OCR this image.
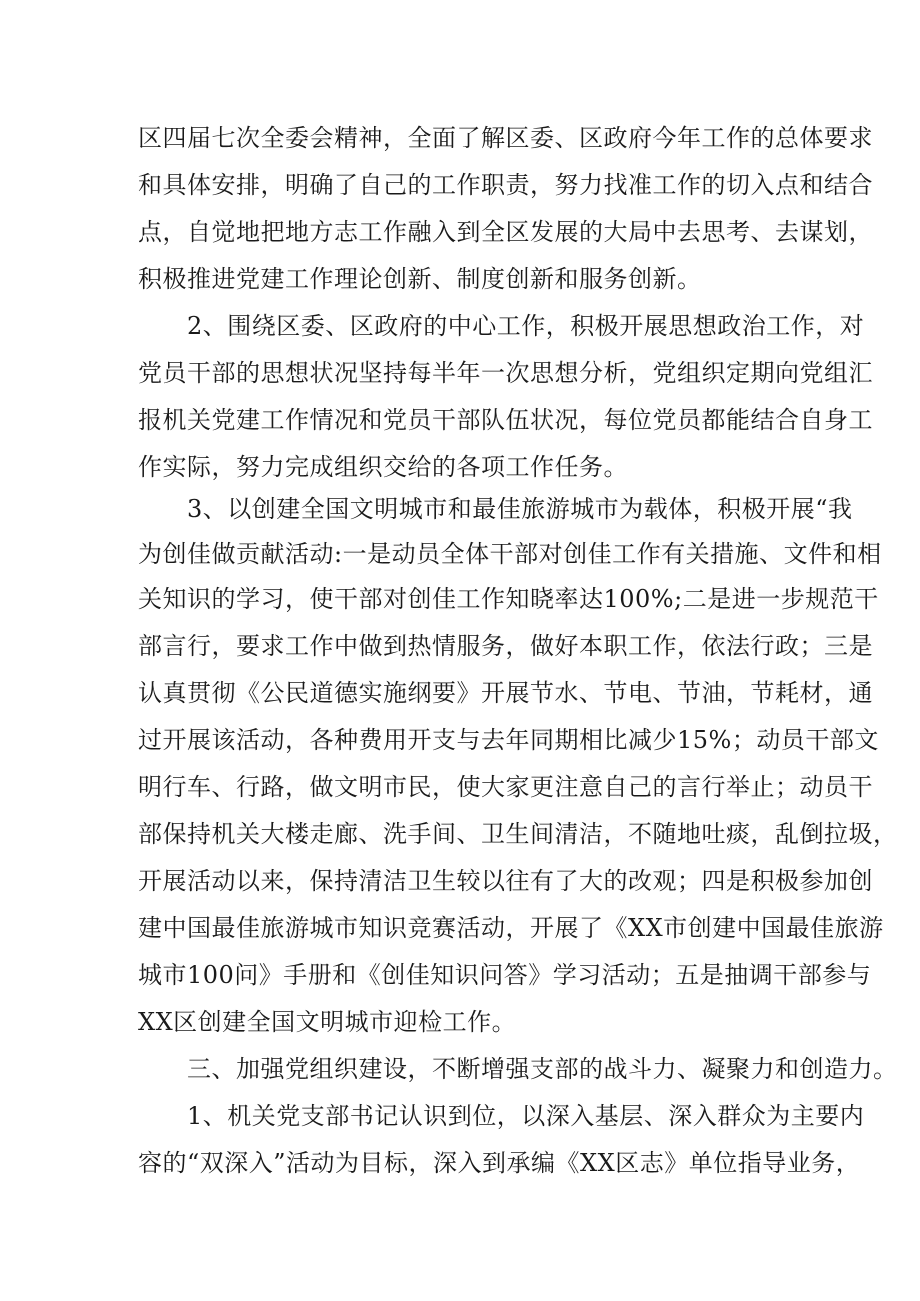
区四届七次全委会精神，全面了解区委、区政府今年工作的总体要求
和具体安排，明确了自己的工作职责，努力找准工作的切入点和结合
点，自觉地把地方志工作融入到全区发展的大局中去思考、去谋划，
积极推进党建工作理论创新、制度创新和服务创新。
2、围绕区委、区政府的中心工作，积极开展思想政治工作，对
党员干部的思想状况坚持每半年一次思想分析，党组织定期向党组汇
报机关党建工作情况和党员干部队伍状况，每位党员都能结合自身工
作实际，努力完成组织交给的各项工作任务。
3、以创建全国文明城市和最佳旅游城市为载体，积极开展“我
为创佳做贡献活动:一是动员全体干部对创佳工作有关措施、文件和相
关知识的学习，使干部对创佳工作知晓率达100%;二是进一步规范干
部言行，要求工作中做到热情服务，做好本职工作，依法行政；三是
认真贯彻《公民道德实施纲要》开展节水、节电、节油，节耗材，通
过开展该活动，各种费用开支与去年同期相比减少15%；动员干部文
明行车、行路，做文明市民，使大家更注意自己的言行举止；动员干
部保持机关大楼走廊、洗手间、卫生间清洁，不随地吐痰，乱倒拉圾，
开展活动以来，保持清洁卫生较以往有了大的改观；四是积极参加创
建中国最佳旅游城市知识竞赛活动，开展了《XX市创建中国最佳旅游
城市100问》手册和《创佳知识问答》学习活动；五是抽调干部参与
XX区创建全国文明城市迎检工作。
三、加强党组织建设，不断增强支部的战斗力、凝聚力和创造力。
1、机关党支部书记认识到位，以深入基层、深入群众为主要内
容的“双深入”活动为目标，深入到承编《XX区志》单位指导业务，
